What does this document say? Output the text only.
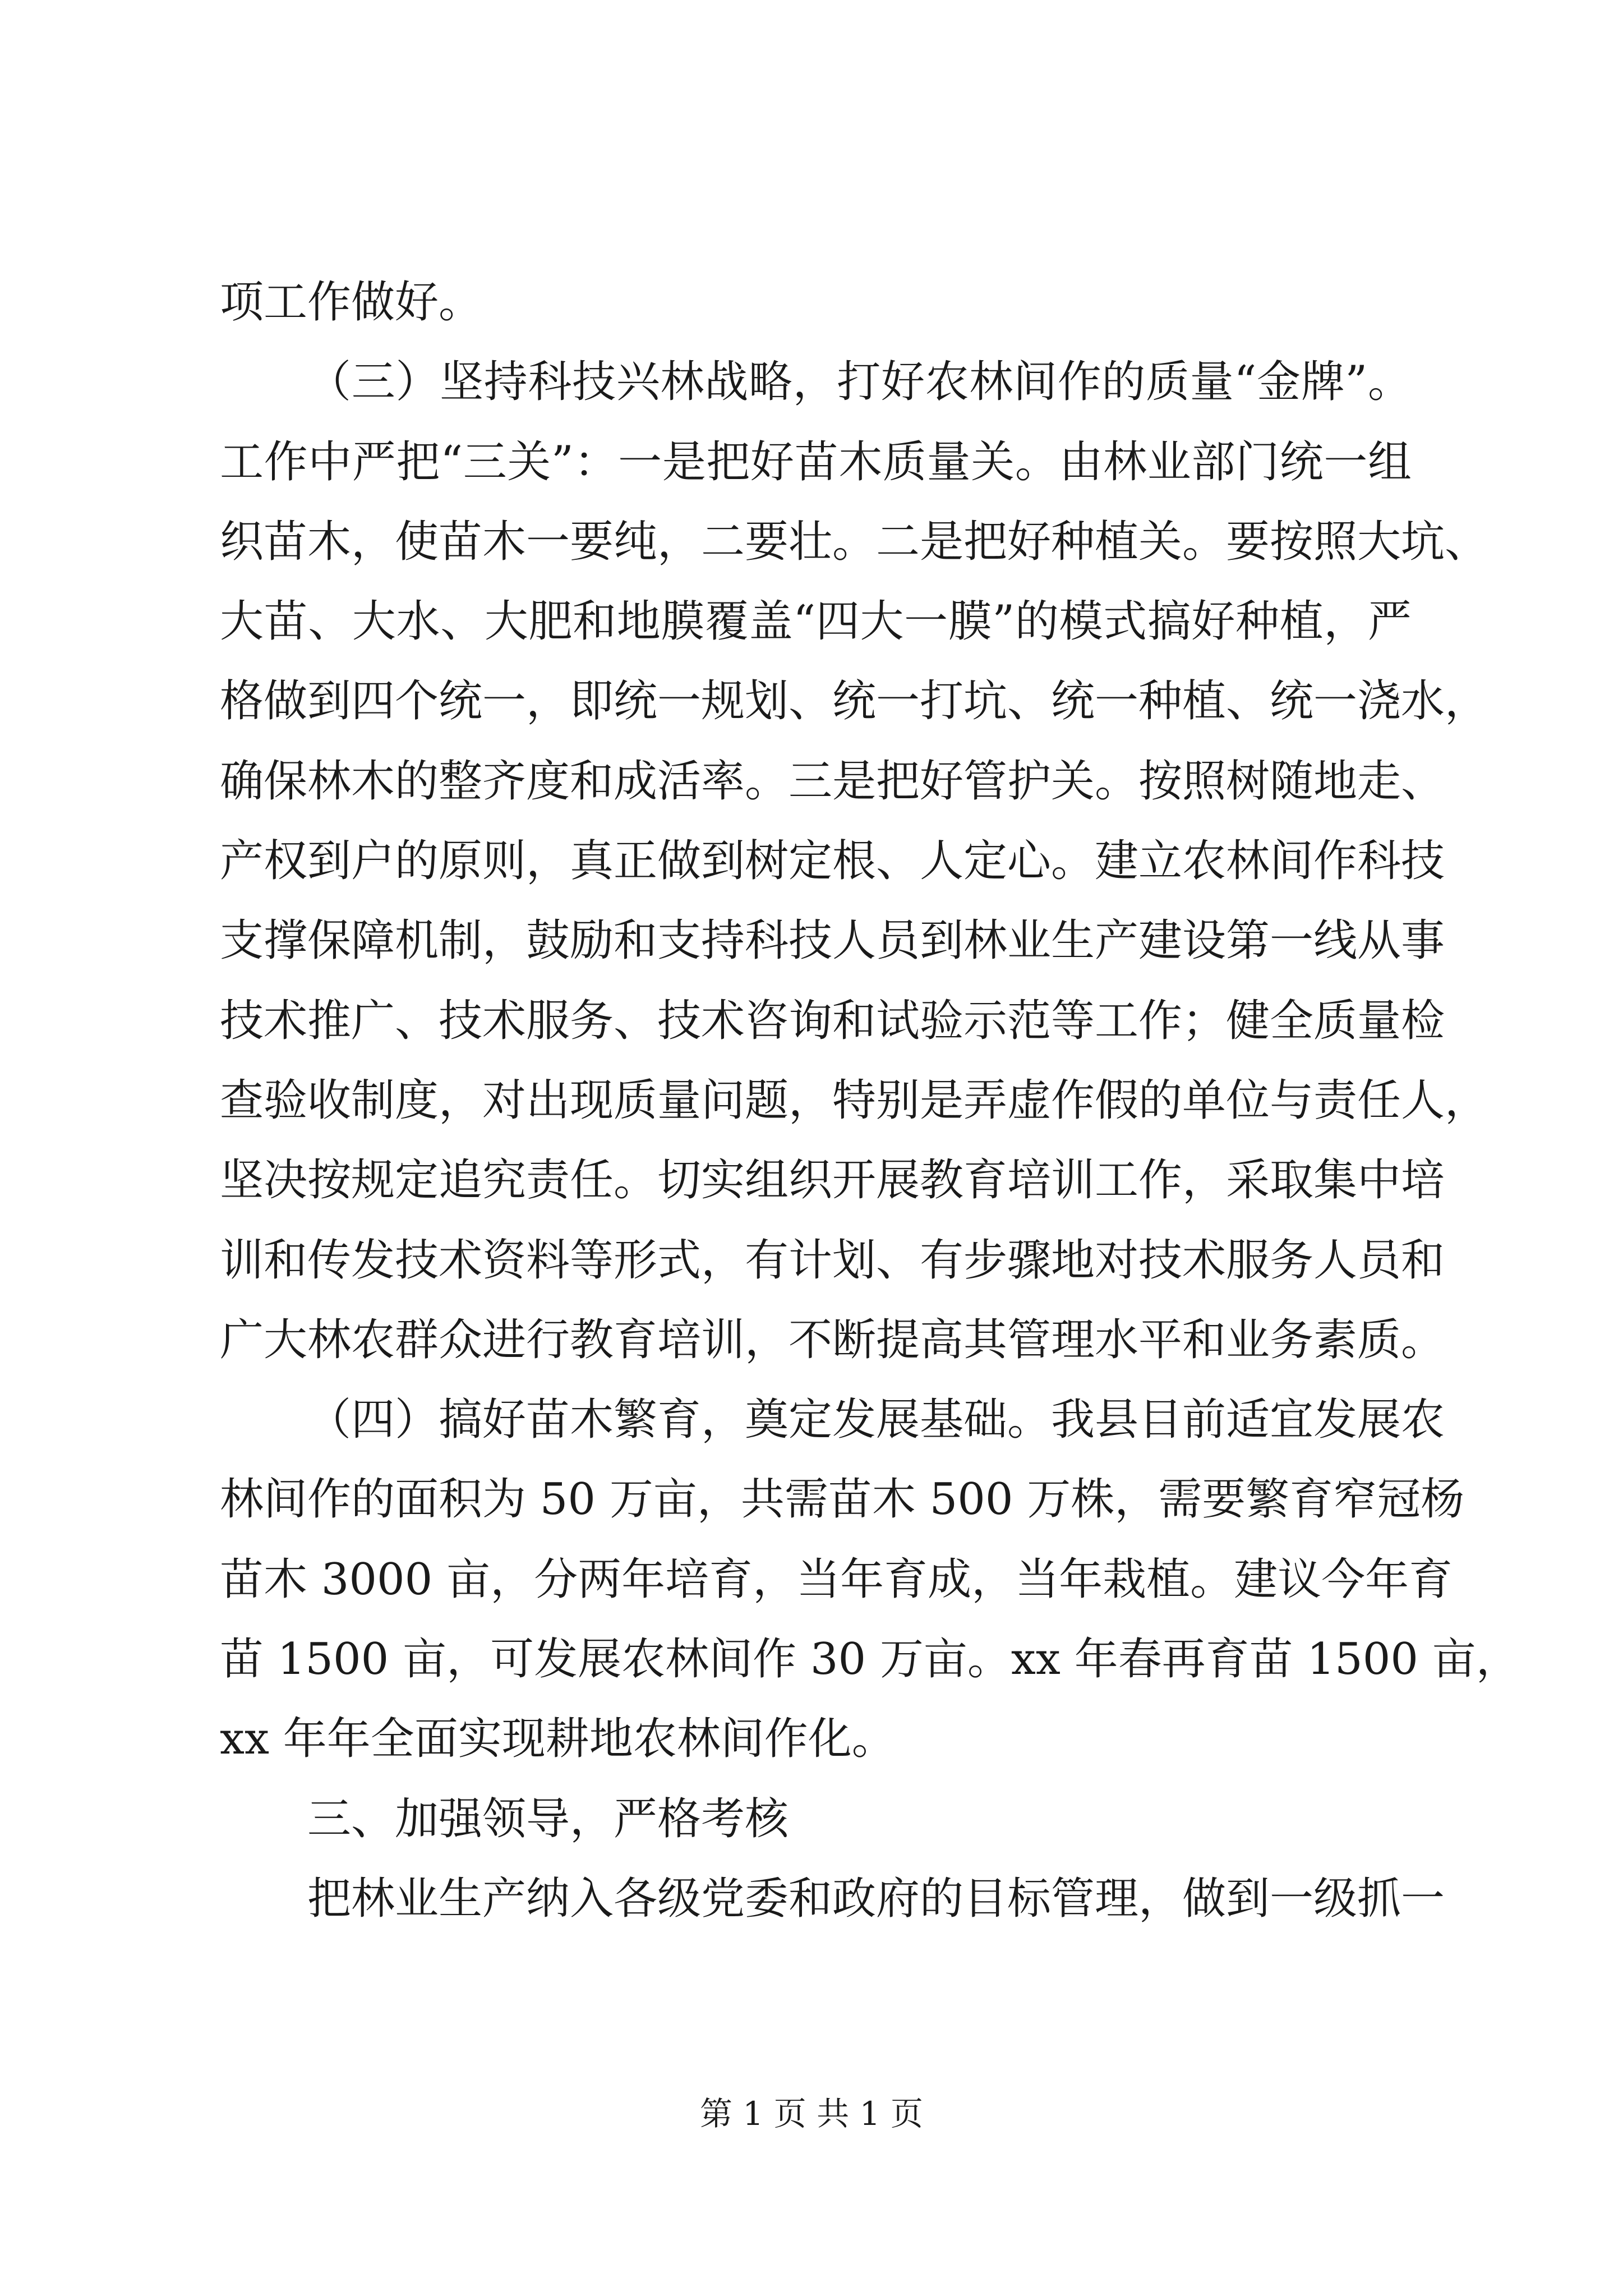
项工作做好。
（三）坚持科技兴林战略，打好农林间作的质量“金牌”。
工作中严把“三关”：一是把好苗木质量关。由林业部门统一组
织苗木，使苗木一要纯，二要壮。二是把好种植关。要按照大坑、
大苗、大水、大肥和地膜覆盖“四大一膜”的模式搞好种植，严
格做到四个统一，即统一规划、统一打坑、统一种植、统一浇水，
确保林木的整齐度和成活率。三是把好管护关。按照树随地走、
产权到户的原则，真正做到树定根、人定心。建立农林间作科技
支撑保障机制，鼓励和支持科技人员到林业生产建设第一线从事
技术推广、技术服务、技术咨询和试验示范等工作；健全质量检
查验收制度，对出现质量问题，特别是弄虚作假的单位与责任人，
坚决按规定追究责任。切实组织开展教育培训工作，采取集中培
训和传发技术资料等形式，有计划、有步骤地对技术服务人员和
广大林农群众进行教育培训，不断提高其管理水平和业务素质。
（四）搞好苗木繁育，奠定发展基础。我县目前适宜发展农
林间作的面积为 50 万亩，共需苗木 500 万株，需要繁育窄冠杨
苗木 3000 亩，分两年培育，当年育成，当年栽植。建议今年育
苗 1500 亩，可发展农林间作 30 万亩。xx 年春再育苗 1500 亩，
xx 年年全面实现耕地农林间作化。
三、加强领导，严格考核
把林业生产纳入各级党委和政府的目标管理，做到一级抓一
第 1 页 共 1 页
